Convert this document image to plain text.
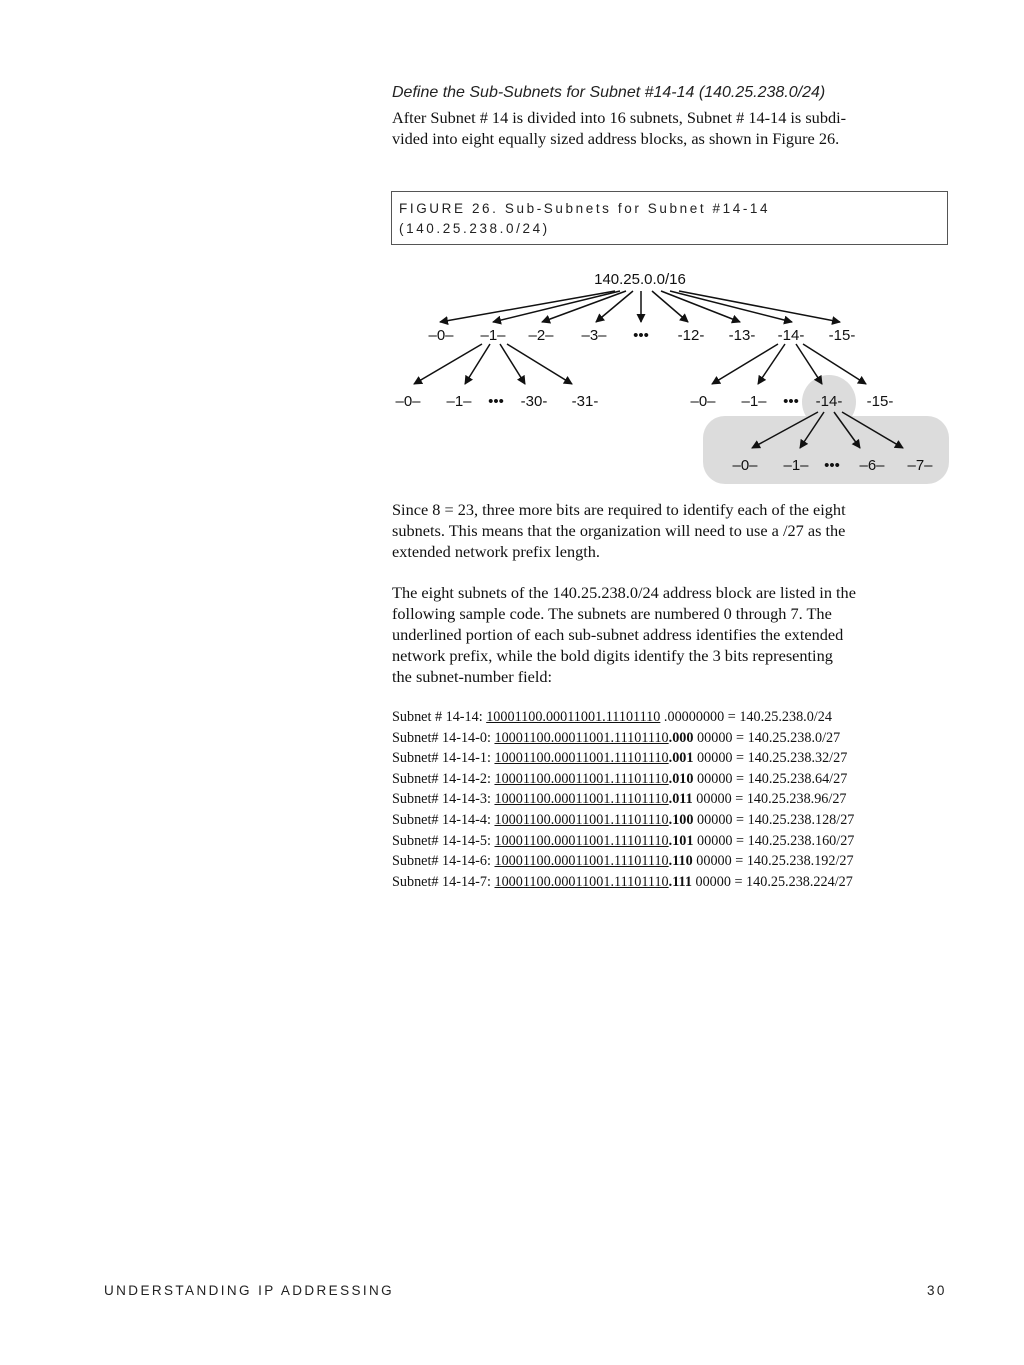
Define the Sub-Subnets for Subnet #14-14 (140.25.238.0/24)
After Subnet # 14 is divided into 16 subnets, Subnet # 14-14 is subdi-
vided into eight equally sized address blocks, as shown in Figure 26.
FIGURE 26. Sub-Subnets for Subnet #14-14
(140.25.238.0/24)
140.25.0.0/16
–0– –1– –2– –3– ••• -12- -13- -14- -15-
–0– –1– ••• -30- -31-	–0– –1– ••• -14- -15-
–0– –1– ••• –6– –7–
Since 8 = 23, three more bits are required to identify each of the eight
subnets. This means that the organization will need to use a /27 as the
extended network prefix length.
The eight subnets of the 140.25.238.0/24 address block are listed in the
following sample code. The subnets are numbered 0 through 7. The
underlined portion of each sub-subnet address identifies the extended
network prefix, while the bold digits identify the 3 bits representing
the subnet-number field:
Subnet # 14-14: 10001100.00011001.11101110 .00000000 = 140.25.238.0/24
Subnet# 14-14-0: 10001100.00011001.11101110.000 00000 = 140.25.238.0/27
Subnet# 14-14-1: 10001100.00011001.11101110.001 00000 = 140.25.238.32/27
Subnet# 14-14-2: 10001100.00011001.11101110.010 00000 = 140.25.238.64/27
Subnet# 14-14-3: 10001100.00011001.11101110.011 00000 = 140.25.238.96/27
Subnet# 14-14-4: 10001100.00011001.11101110.100 00000 = 140.25.238.128/27
Subnet# 14-14-5: 10001100.00011001.11101110.101 00000 = 140.25.238.160/27
Subnet# 14-14-6: 10001100.00011001.11101110.110 00000 = 140.25.238.192/27
Subnet# 14-14-7: 10001100.00011001.11101110.111 00000 = 140.25.238.224/27
UNDERSTANDING IP ADDRESSING	30
